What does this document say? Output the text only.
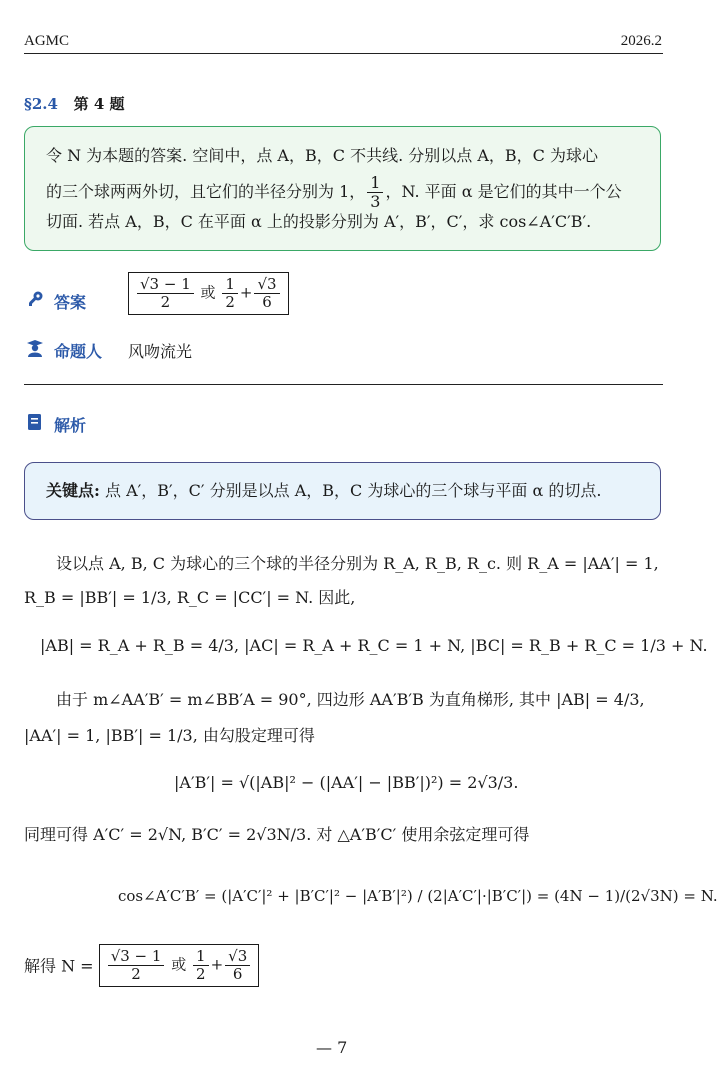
AGMC	2026.2
§2.4 第 4 题
令 N 为本题的答案. 空间中，点 A，B，C 不共线. 分别以点 A，B，C 为球心
的三个球两两外切，且它们的半径分别为 1， $\frac{1}{3}$ ，N. 平面 α 是它们的其中一个公
切面. 若点 A，B，C 在平面 α 上的投影分别为 A′，B′，C′，求 cos∠A′C′B′.
答案	$\frac{√3 - 1}{2}$ 或 $\frac{1}{2} + \frac{√3}{6}$
命题人 风吻流光
解析
关键点: 点 A′，B′，C′ 分别是以点 A，B，C 为球心的三个球与平面 α 的切点.
设以点 A, B, C 为球心的三个球的半径分别为 R_A, R_B, R_c. 则 R_A = |AA′| = 1,
R_B = |BB′| = 1/3, R_C = |CC′| = N. 因此,
|AB| = R_A + R_B = 4/3, |AC| = R_A + R_C = 1 + N, |BC| = R_B + R_C = 1/3 + N.
由于 m∠AA′B′ = m∠BB′A = 90°, 四边形 AA′B′B 为直角梯形, 其中 |AB| = 4/3,
|AA′| = 1, |BB′| = 1/3, 由勾股定理可得
|A′B′| = √(|AB|² − (|AA′| − |BB′|)²) = 2√3/3.
同理可得 A′C′ = 2√N, B′C′ = 2√3N/3. 对 △A′B′C′ 使用余弦定理可得
cos∠A′C′B′ = (|A′C′|² + |B′C′|² − |A′B′|²) / (2|A′C′|·|B′C′|) = (4N − 1)/(2√3N) = N.
解得 $N = \frac{√3 - 1}{2}$ 或 $\frac{1}{2} + \frac{√3}{6}$
— 7
